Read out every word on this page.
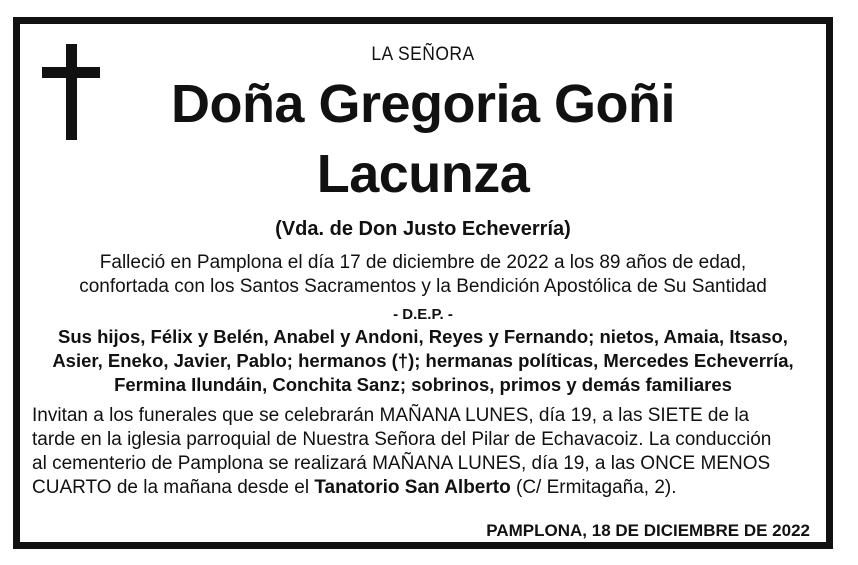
LA SEÑORA
Doña Gregoria Goñi
Lacunza
(Vda. de Don Justo Echeverría)
Falleció en Pamplona el día 17 de diciembre de 2022 a los 89 años de edad,
confortada con los Santos Sacramentos y la Bendición Apostólica de Su Santidad
- D.E.P. -
Sus hijos, Félix y Belén, Anabel y Andoni, Reyes y Fernando; nietos, Amaia, Itsaso,
Asier, Eneko, Javier, Pablo; hermanos (†); hermanas políticas, Mercedes Echeverría,
Fermina Ilundáin, Conchita Sanz; sobrinos, primos y demás familiares
Invitan a los funerales que se celebrarán MAÑANA LUNES, día 19, a las SIETE de la
tarde en la iglesia parroquial de Nuestra Señora del Pilar de Echavacoiz. La conducción
al cementerio de Pamplona se realizará MAÑANA LUNES, día 19, a las ONCE MENOS
CUARTO de la mañana desde el Tanatorio San Alberto (C/ Ermitagaña, 2).
PAMPLONA, 18 DE DICIEMBRE DE 2022
